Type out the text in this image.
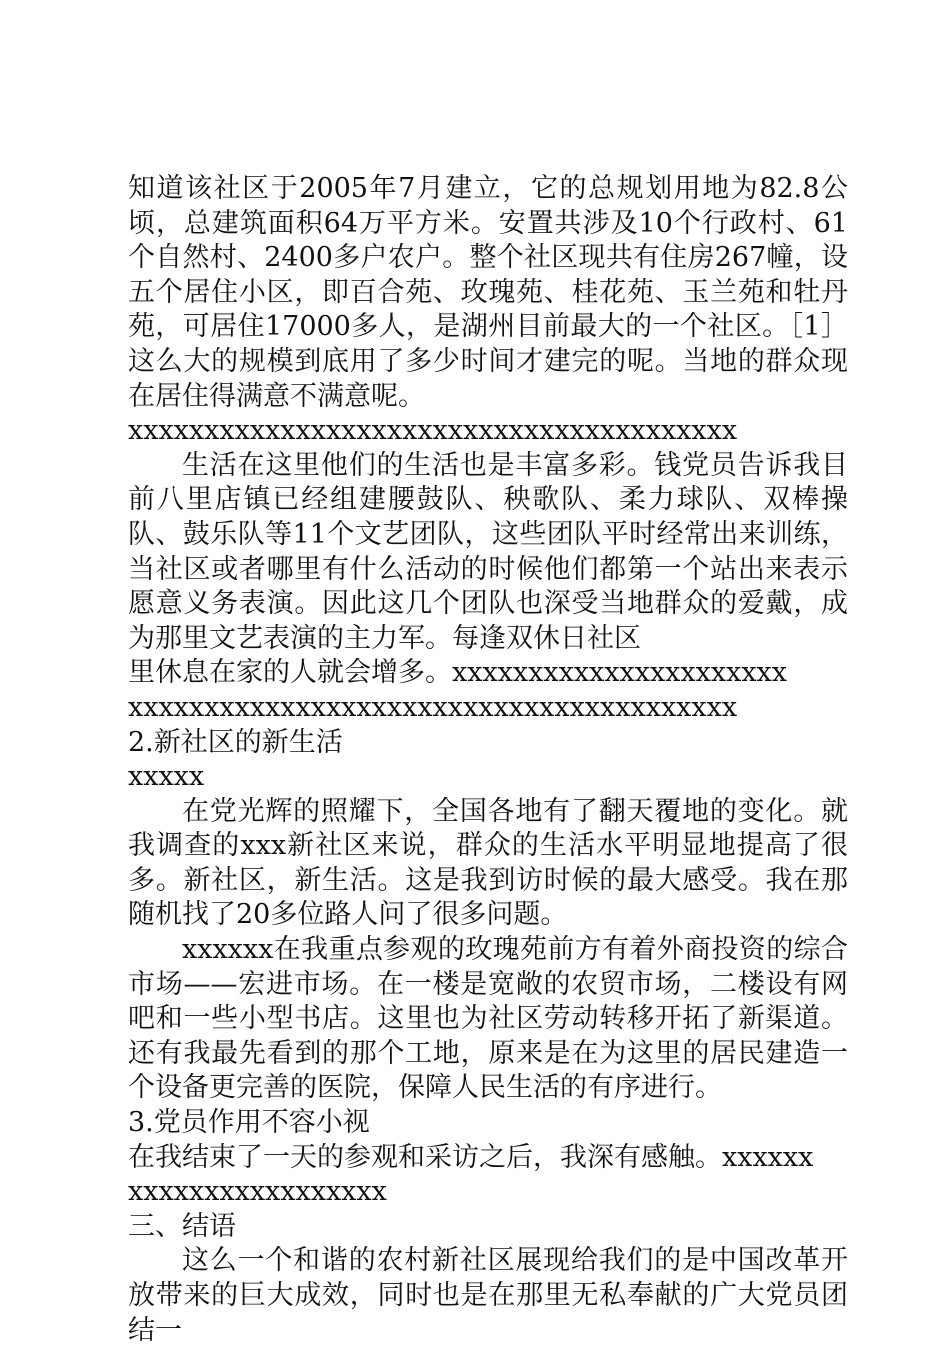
知道该社区于2005年7月建立，它的总规划用地为82.8公顷，总建筑面积64万平方米。安置共涉及10个行政村、61个自然村、2400多户农户。整个社区现共有住房267幢，设五个居住小区，即百合苑、玫瑰苑、桂花苑、玉兰苑和牡丹苑，可居住17000多人，是湖州目前最大的一个社区。［1］这么大的规模到底用了多少时间才建完的呢。当地的群众现在居住得满意不满意呢。

xxxxxxxxxxxxxxxxxxxxxxxxxxxxxxxxxxxxxxxx

生活在这里他们的生活也是丰富多彩。钱党员告诉我目前八里店镇已经组建腰鼓队、秧歌队、柔力球队、双棒操队、鼓乐队等11个文艺团队，这些团队平时经常出来训练，当社区或者哪里有什么活动的时候他们都第一个站出来表示愿意义务表演。因此这几个团队也深受当地群众的爱戴，成为那里文艺表演的主力军。每逢双休日社区

里休息在家的人就会增多。xxxxxxxxxxxxxxxxxxxxxx

xxxxxxxxxxxxxxxxxxxxxxxxxxxxxxxxxxxxxxxx

2.新社区的新生活

xxxxx

在党光辉的照耀下，全国各地有了翻天覆地的变化。就我调查的xxx新社区来说，群众的生活水平明显地提高了很多。新社区，新生活。这是我到访时候的最大感受。我在那随机找了20多位路人问了很多问题。

xxxxxx在我重点参观的玫瑰苑前方有着外商投资的综合市场——宏进市场。在一楼是宽敞的农贸市场，二楼设有网吧和一些小型书店。这里也为社区劳动转移开拓了新渠道。还有我最先看到的那个工地，原来是在为这里的居民建造一个设备更完善的医院，保障人民生活的有序进行。

3.党员作用不容小视

在我结束了一天的参观和采访之后，我深有感触。xxxxxx

xxxxxxxxxxxxxxxxx

三、结语

这么一个和谐的农村新社区展现给我们的是中国改革开放带来的巨大成效，同时也是在那里无私奉献的广大党员团结一
